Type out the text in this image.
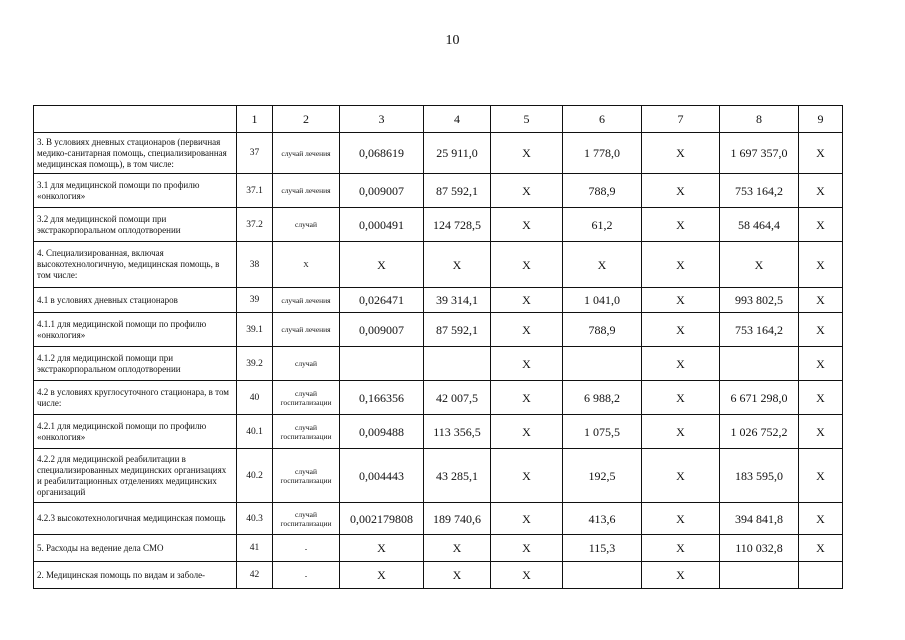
10
	1	2	3	4	5	6	7	8	9
3. В условиях дневных стационаров (первичная медико-санитарная помощь, специализированная медицинская помощь), в том числе:	37	случай лечения	0,068619	25 911,0	X	1 778,0	X	1 697 357,0	X
3.1 для медицинской помощи по профилю «онкология»	37.1	случай лечения	0,009007	87 592,1	X	788,9	X	753 164,2	X
3.2 для медицинской помощи при экстракорпоральном оплодотворении	37.2	случай	0,000491	124 728,5	X	61,2	X	58 464,4	X
4. Специализированная, включая высокотехнологичную, медицинская помощь, в том числе:	38	X	X	X	X	X	X	X	X
4.1 в условиях дневных стационаров	39	случай лечения	0,026471	39 314,1	X	1 041,0	X	993 802,5	X
4.1.1 для медицинской помощи по профилю «онкология»	39.1	случай лечения	0,009007	87 592,1	X	788,9	X	753 164,2	X
4.1.2 для медицинской помощи при экстракорпоральном оплодотворении	39.2	случай			X		X		X
4.2 в условиях круглосуточного стационара, в том числе:	40	случай госпитализации	0,166356	42 007,5	X	6 988,2	X	6 671 298,0	X
4.2.1 для медицинской помощи по профилю «онкология»	40.1	случай госпитализации	0,009488	113 356,5	X	1 075,5	X	1 026 752,2	X
4.2.2 для медицинской реабилитации в специализированных медицинских организациях и реабилитационных отделениях медицинских организаций	40.2	случай госпитализации	0,004443	43 285,1	X	192,5	X	183 595,0	X
4.2.3 высокотехнологичная медицинская помощь	40.3	случай госпитализации	0,002179808	189 740,6	X	413,6	X	394 841,8	X
5. Расходы на ведение дела СМО	41	-	X	X	X	115,3	X	110 032,8	X
2. Медицинская помощь по видам и заболе-	42	-	X	X	X		X		
